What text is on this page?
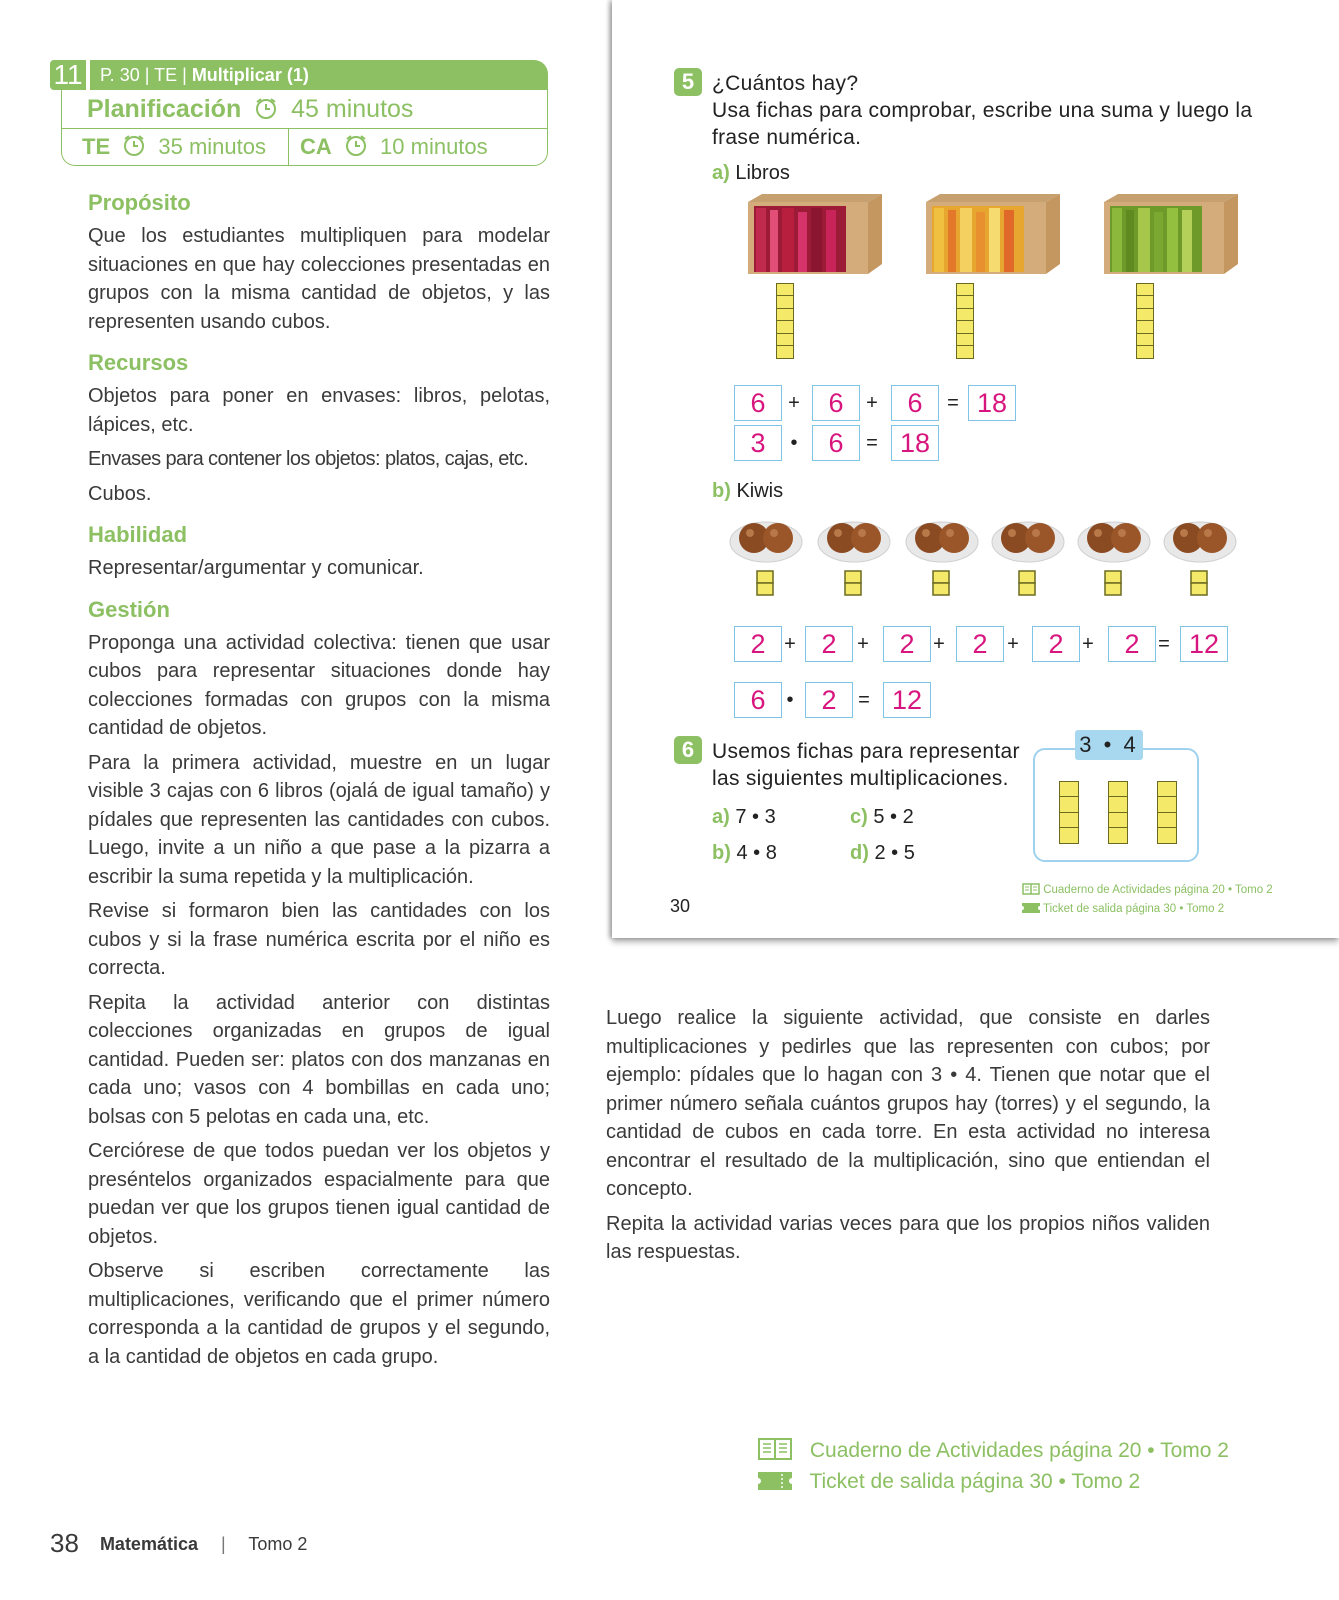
11 P. 30 | TE | Multiplicar (1)
Planificación 45 minutos
TE 35 minutos CA 10 minutos
Propósito
Que los estudiantes multipliquen para modelar situaciones en que hay colecciones presentadas en grupos con la misma cantidad de objetos, y las representen usando cubos.
Recursos
Objetos para poner en envases: libros, pelotas, lápices, etc.
Envases para contener los objetos: platos, cajas, etc.
Cubos.
Habilidad
Representar/argumentar y comunicar.
Gestión
Proponga una actividad colectiva: tienen que usar cubos para representar situaciones donde hay colecciones formadas con grupos con la misma cantidad de objetos.
Para la primera actividad, muestre en un lugar visible 3 cajas con 6 libros (ojalá de igual tamaño) y pídales que representen las cantidades con cubos. Luego, invite a un niño a que pase a la pizarra a escribir la suma repetida y la multiplicación.
Revise si formaron bien las cantidades con los cubos y si la frase numérica escrita por el niño es correcta.
Repita la actividad anterior con distintas colecciones organizadas en grupos de igual cantidad. Pueden ser: platos con dos manzanas en cada uno; vasos con 4 bombillas en cada uno; bolsas con 5 pelotas en cada una, etc.
Cerciórese de que todos puedan ver los objetos y preséntelos organizados espacialmente para que puedan ver que los grupos tienen igual cantidad de objetos.
Observe si escriben correctamente las multiplicaciones, verificando que el primer número corresponda a la cantidad de grupos y el segundo, a la cantidad de objetos en cada grupo.
5 ¿Cuántos hay?
Usa fichas para comprobar, escribe una suma y luego la
frase numérica.
a) Libros
6	+	6	+	6	= 18
3	•	6	= 18
b) Kiwis
2 + 2	+	2 +	2 +	2 +	2 = 12
6	•	2	= 12
6 Usemos fichas para representar
las siguientes multiplicaciones.
a) 7 • 3	c) 5 • 2
b) 4 • 8	d) 2 • 5
3 • 4
30
Cuaderno de Actividades página 20 • Tomo 2
Ticket de salida página 30 • Tomo 2
Luego realice la siguiente actividad, que consiste en darles multiplicaciones y pedirles que las representen con cubos; por ejemplo: pídales que lo hagan con 3 • 4. Tienen que notar que el primer número señala cuántos grupos hay (torres) y el segundo, la cantidad de cubos en cada torre. En esta actividad no interesa encontrar el resultado de la multiplicación, sino que entiendan el concepto.
Repita la actividad varias veces para que los propios niños validen las respuestas.
Cuaderno de Actividades página 20 • Tomo 2
Ticket de salida página 30 • Tomo 2
38 Matemática | Tomo 2
